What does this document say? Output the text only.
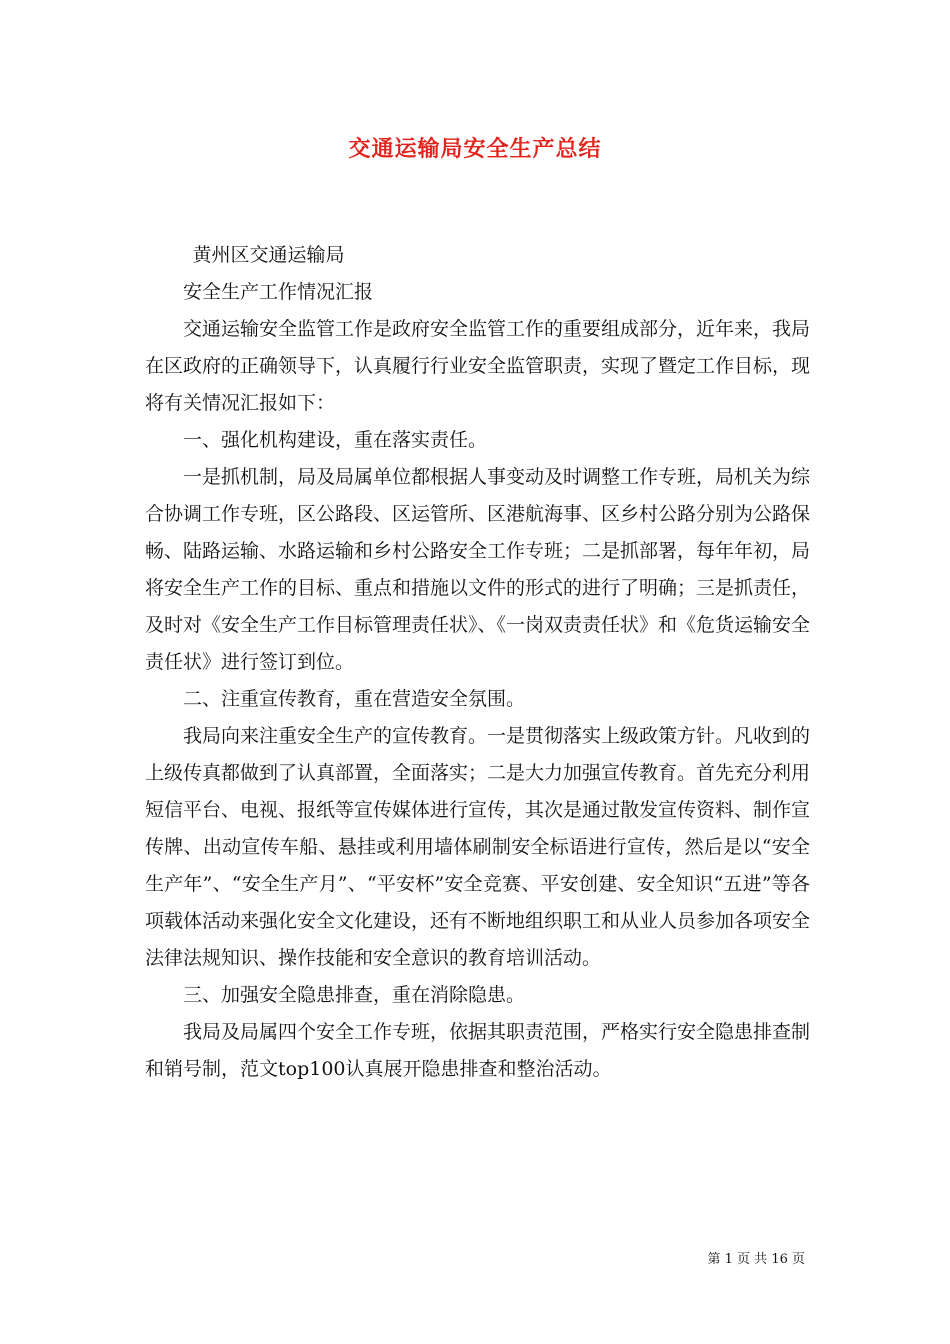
交通运输局安全生产总结

黄州区交通运输局

安全生产工作情况汇报

交通运输安全监管工作是政府安全监管工作的重要组成部分，近年来，我局在区政府的正确领导下，认真履行行业安全监管职责，实现了暨定工作目标，现将有关情况汇报如下：

一、强化机构建设，重在落实责任。

一是抓机制，局及局属单位都根据人事变动及时调整工作专班，局机关为综合协调工作专班，区公路段、区运管所、区港航海事、区乡村公路分别为公路保畅、陆路运输、水路运输和乡村公路安全工作专班；二是抓部署，每年年初，局将安全生产工作的目标、重点和措施以文件的形式的进行了明确；三是抓责任，及时对《安全生产工作目标管理责任状》、《一岗双责责任状》和《危货运输安全责任状》进行签订到位。

二、注重宣传教育，重在营造安全氛围。

我局向来注重安全生产的宣传教育。一是贯彻落实上级政策方针。凡收到的上级传真都做到了认真部置，全面落实；二是大力加强宣传教育。首先充分利用短信平台、电视、报纸等宣传媒体进行宣传，其次是通过散发宣传资料、制作宣传牌、出动宣传车船、悬挂或利用墙体刷制安全标语进行宣传，然后是以“安全生产年”、“安全生产月”、“平安杯”安全竞赛、平安创建、安全知识“五进”等各项载体活动来强化安全文化建设，还有不断地组织职工和从业人员参加各项安全法律法规知识、操作技能和安全意识的教育培训活动。

三、加强安全隐患排查，重在消除隐患。

我局及局属四个安全工作专班，依据其职责范围，严格实行安全隐患排查制和销号制，范文top100认真展开隐患排查和整治活动。

第 1 页 共 16 页
